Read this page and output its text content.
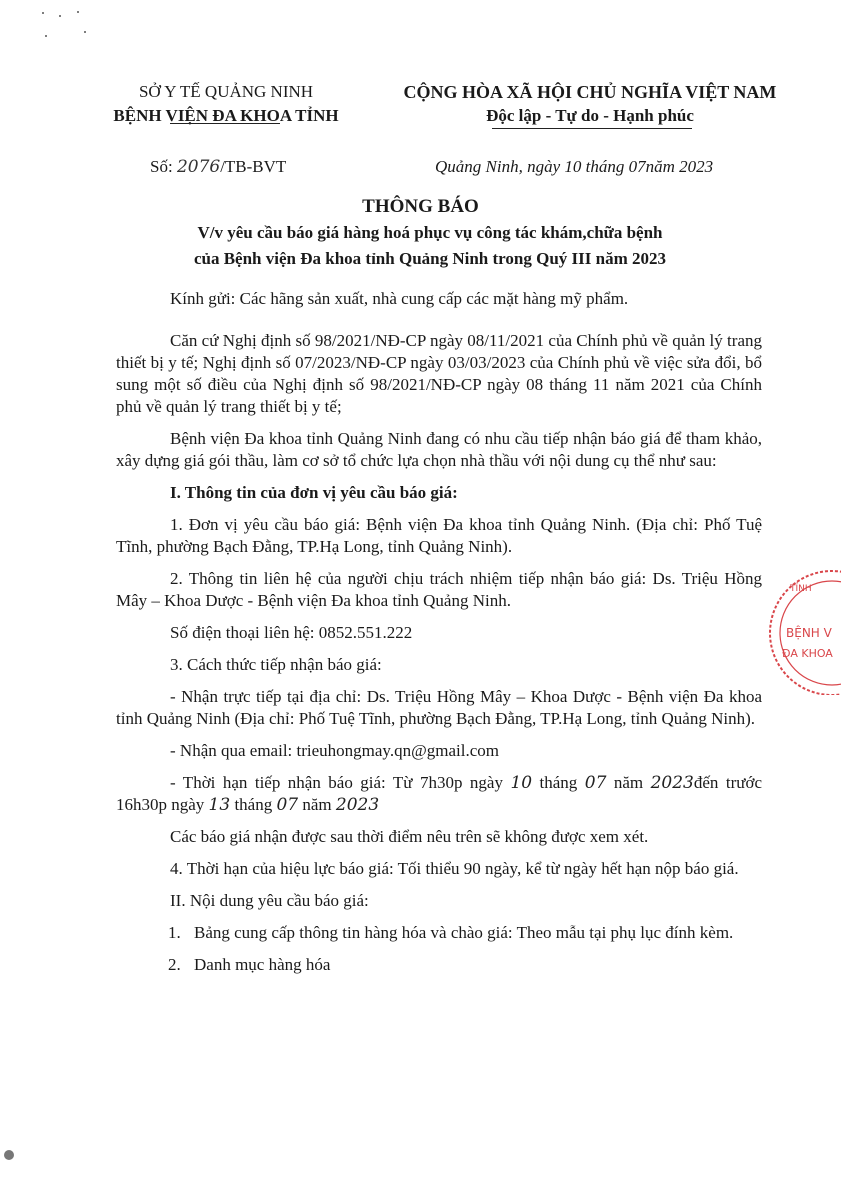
SỞ Y TẾ QUẢNG NINH
BỆNH VIỆN ĐA KHOA TỈNH
CỘNG HÒA XÃ HỘI CHỦ NGHĨA VIỆT NAM
Độc lập - Tự do - Hạnh phúc
Số: 2076/TB-BVT	Quảng Ninh, ngày 10 tháng 07năm 2023
THÔNG BÁO
V/v yêu cầu báo giá hàng hoá phục vụ công tác khám,chữa bệnh
của Bệnh viện Đa khoa tỉnh Quảng Ninh trong Quý III năm 2023

Kính gửi: Các hãng sản xuất, nhà cung cấp các mặt hàng mỹ phẩm.

Căn cứ Nghị định số 98/2021/NĐ-CP ngày 08/11/2021 của Chính phủ về quản lý trang thiết bị y tế; Nghị định số 07/2023/NĐ-CP ngày 03/03/2023 của Chính phủ về việc sửa đổi, bổ sung một số điều của Nghị định số 98/2021/NĐ-CP ngày 08 tháng 11 năm 2021 của Chính phủ về quản lý trang thiết bị y tế;

Bệnh viện Đa khoa tỉnh Quảng Ninh đang có nhu cầu tiếp nhận báo giá để tham khảo, xây dựng giá gói thầu, làm cơ sở tổ chức lựa chọn nhà thầu với nội dung cụ thể như sau:

I. Thông tin của đơn vị yêu cầu báo giá:

1. Đơn vị yêu cầu báo giá: Bệnh viện Đa khoa tỉnh Quảng Ninh. (Địa chỉ: Phố Tuệ Tĩnh, phường Bạch Đằng, TP.Hạ Long, tỉnh Quảng Ninh).

2. Thông tin liên hệ của người chịu trách nhiệm tiếp nhận báo giá: Ds. Triệu Hồng Mây – Khoa Dược - Bệnh viện Đa khoa tỉnh Quảng Ninh.

Số điện thoại liên hệ: 0852.551.222

3. Cách thức tiếp nhận báo giá:

- Nhận trực tiếp tại địa chỉ: Ds. Triệu Hồng Mây – Khoa Dược - Bệnh viện Đa khoa tỉnh Quảng Ninh (Địa chỉ: Phố Tuệ Tĩnh, phường Bạch Đằng, TP.Hạ Long, tỉnh Quảng Ninh).

- Nhận qua email: trieuhongmay.qn@gmail.com

- Thời hạn tiếp nhận báo giá: Từ 7h30p ngày 10 tháng 07 năm 2023đến trước 16h30p ngày 13 tháng 07 năm 2023

Các báo giá nhận được sau thời điểm nêu trên sẽ không được xem xét.

4. Thời hạn của hiệu lực báo giá: Tối thiểu 90 ngày, kể từ ngày hết hạn nộp báo giá.

II. Nội dung yêu cầu báo giá:

1. Bảng cung cấp thông tin hàng hóa và chào giá: Theo mẫu tại phụ lục đính kèm.
2. Danh mục hàng hóa
TỈNH
BỆNH V
ĐA KHOA
